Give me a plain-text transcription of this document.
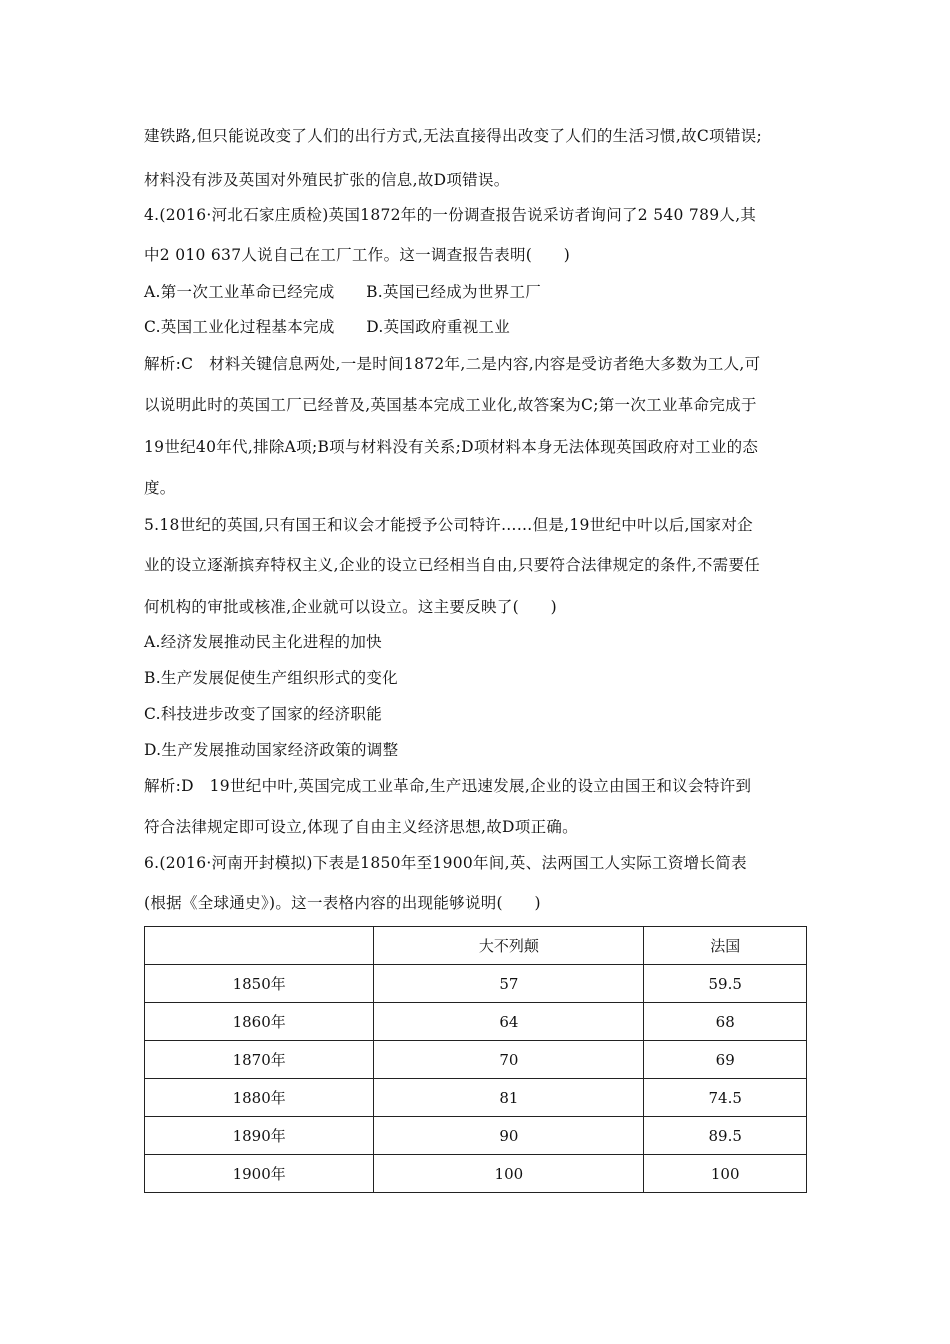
建铁路,但只能说改变了人们的出行方式,无法直接得出改变了人们的生活习惯,故C项错误;
材料没有涉及英国对外殖民扩张的信息,故D项错误。
4.(2016·河北石家庄质检)英国1872年的一份调查报告说采访者询问了2 540 789人,其
中2 010 637人说自己在工厂工作。这一调查报告表明(　　)
A.第一次工业革命已经完成　　B.英国已经成为世界工厂
C.英国工业化过程基本完成　　D.英国政府重视工业
解析:C　材料关键信息两处,一是时间1872年,二是内容,内容是受访者绝大多数为工人,可
以说明此时的英国工厂已经普及,英国基本完成工业化,故答案为C;第一次工业革命完成于
19世纪40年代,排除A项;B项与材料没有关系;D项材料本身无法体现英国政府对工业的态
度。
5.18世纪的英国,只有国王和议会才能授予公司特许……但是,19世纪中叶以后,国家对企
业的设立逐渐摈弃特权主义,企业的设立已经相当自由,只要符合法律规定的条件,不需要任
何机构的审批或核准,企业就可以设立。这主要反映了(　　)
A.经济发展推动民主化进程的加快
B.生产发展促使生产组织形式的变化
C.科技进步改变了国家的经济职能
D.生产发展推动国家经济政策的调整
解析:D　19世纪中叶,英国完成工业革命,生产迅速发展,企业的设立由国王和议会特许到
符合法律规定即可设立,体现了自由主义经济思想,故D项正确。
6.(2016·河南开封模拟)下表是1850年至1900年间,英、法两国工人实际工资增长简表
(根据《全球通史》)。这一表格内容的出现能够说明(　　)
	大不列颠	法国
1850年	57	59.5
1860年	64	68
1870年	70	69
1880年	81	74.5
1890年	90	89.5
1900年	100	100
